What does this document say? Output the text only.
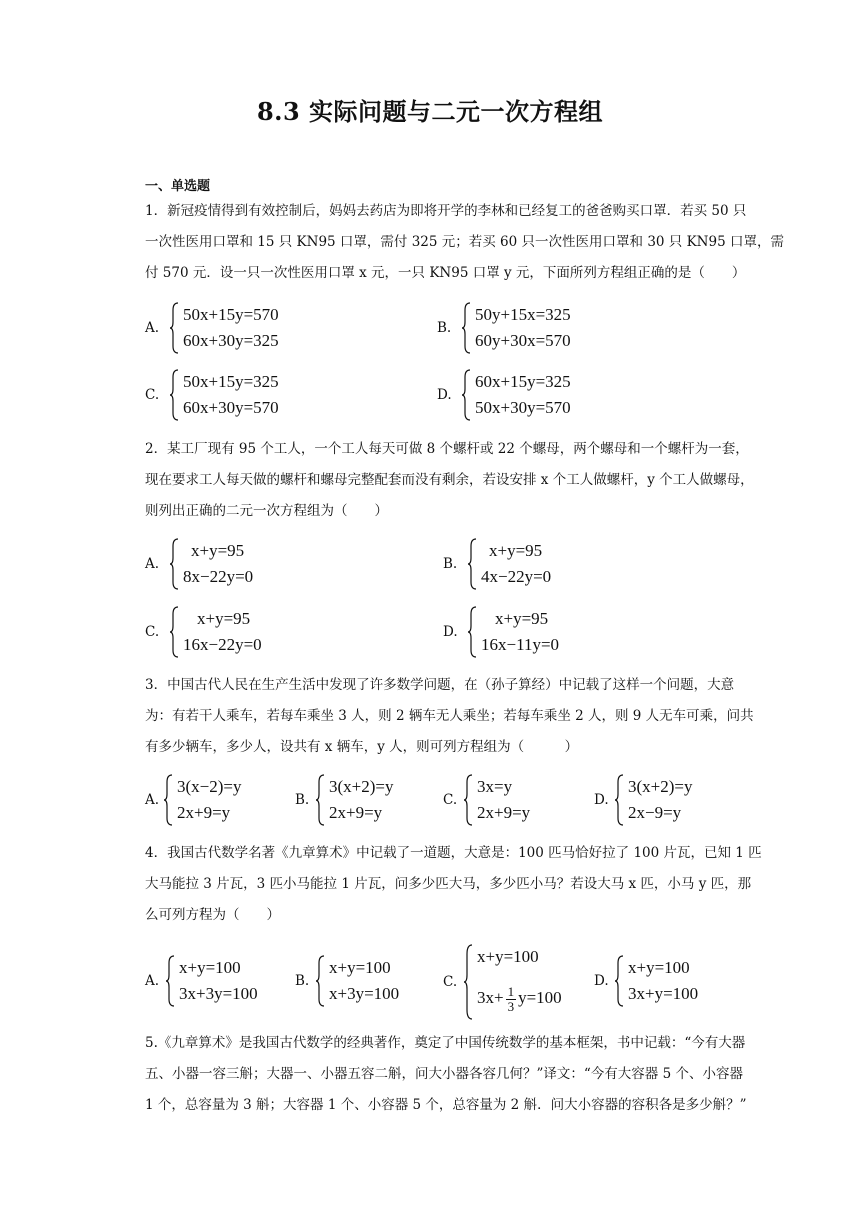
8.3 实际问题与二元一次方程组
一、单选题
1．新冠疫情得到有效控制后，妈妈去药店为即将开学的李林和已经复工的爸爸购买口罩．若买 50 只
一次性医用口罩和 15 只 KN95 口罩，需付 325 元；若买 60 只一次性医用口罩和 30 只 KN95 口罩，需
付 570 元．设一只一次性医用口罩 x 元，一只 KN95 口罩 y 元，下面所列方程组正确的是（　　）
A.
50x+15y=570
60x+30y=325
B.
50y+15x=325
60y+30x=570
C.
50x+15y=325
60x+30y=570
D.
60x+15y=325
50x+30y=570
2．某工厂现有 95 个工人，一个工人每天可做 8 个螺杆或 22 个螺母，两个螺母和一个螺杆为一套，
现在要求工人每天做的螺杆和螺母完整配套而没有剩余，若设安排 x 个工人做螺杆，y 个工人做螺母，
则列出正确的二元一次方程组为（　　）
A.
x+y=95
8x−22y=0
B.
x+y=95
4x−22y=0
C.
x+y=95
16x−22y=0
D.
x+y=95
16x−11y=0
3．中国古代人民在生产生活中发现了许多数学问题，在（孙子算经）中记载了这样一个问题，大意
为：有若干人乘车，若每车乘坐 3 人，则 2 辆车无人乘坐；若每车乘坐 2 人，则 9 人无车可乘，问共
有多少辆车，多少人，设共有 x 辆车，y 人，则可列方程组为（　　　）
A.
3(x−2)=y
2x+9=y
B.
3(x+2)=y
2x+9=y
C.
3x=y
2x+9=y
D.
3(x+2)=y
2x−9=y
4．我国古代数学名著《九章算术》中记载了一道题，大意是：100 匹马恰好拉了 100 片瓦，已知 1 匹
大马能拉 3 片瓦，3 匹小马能拉 1 片瓦，问多少匹大马，多少匹小马？若设大马 x 匹，小马 y 匹，那
么可列方程为（　　）
A.
x+y=100
3x+3y=100
B.
x+y=100
x+3y=100
C.
x+y=100
$3x+ \frac{1}{3} y=100$
D.
x+y=100
3x+y=100
5.《九章算术》是我国古代数学的经典著作，奠定了中国传统数学的基本框架，书中记载：“今有大器
五、小器一容三斛；大器一、小器五容二斛，问大小器各容几何？”译文：“今有大容器 5 个、小容器
1 个，总容量为 3 斛；大容器 1 个、小容器 5 个，总容量为 2 斛．问大小容器的容积各是多少斛？”
